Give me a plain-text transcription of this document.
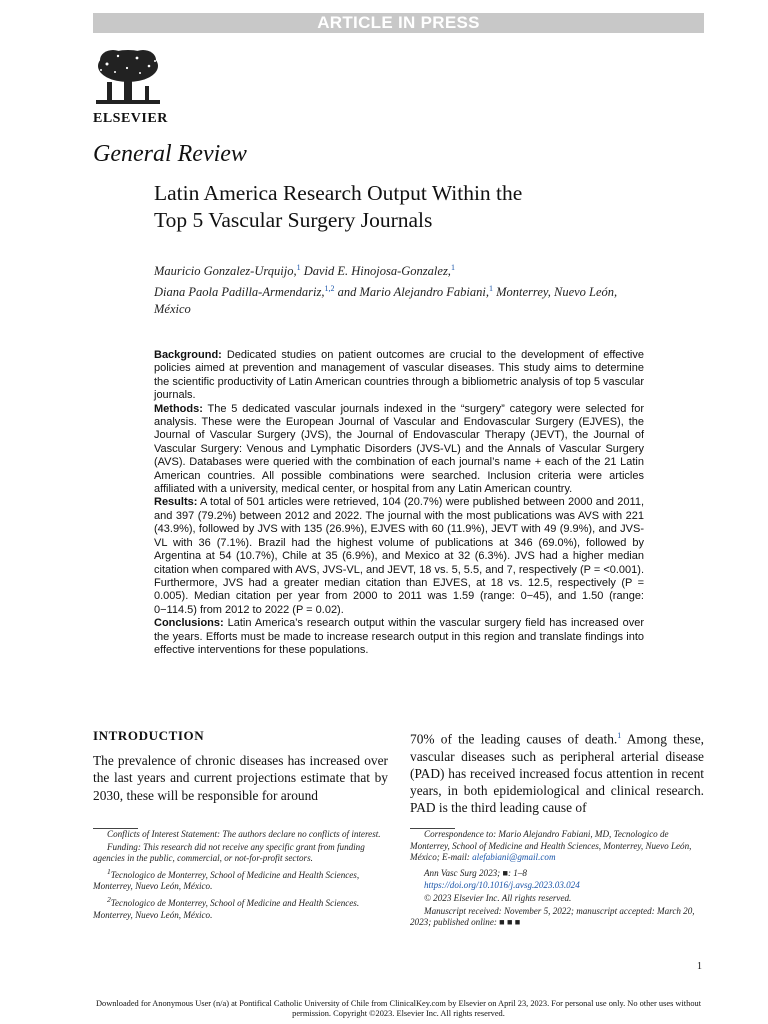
ARTICLE IN PRESS
ELSEVIER
General Review
Latin America Research Output Within the
Top 5 Vascular Surgery Journals
Mauricio Gonzalez-Urquijo,$^1$ David E. Hinojosa-Gonzalez,$^1$
Diana Paola Padilla-Armendariz,$^{1,2}$ and Mario Alejandro Fabiani,$^1$ Monterrey, Nuevo León,
México

Background: Dedicated studies on patient outcomes are crucial to the development of effective policies aimed at prevention and management of vascular diseases. This study aims to determine the scientific productivity of Latin American countries through a bibliometric analysis of top 5 vascular journals.

Methods: The 5 dedicated vascular journals indexed in the “surgery” category were selected for analysis. These were the European Journal of Vascular and Endovascular Surgery (EJVES), the Journal of Vascular Surgery (JVS), the Journal of Endovascular Therapy (JEVT), the Journal of Vascular Surgery: Venous and Lymphatic Disorders (JVS-VL) and the Annals of Vascular Surgery (AVS). Databases were queried with the combination of each journal’s name + each of the 21 Latin American countries. All possible combinations were searched. Inclusion criteria were articles affiliated with a university, medical center, or hospital from any Latin American country.

Results: A total of 501 articles were retrieved, 104 (20.7%) were published between 2000 and 2011, and 397 (79.2%) between 2012 and 2022. The journal with the most publications was AVS with 221 (43.9%), followed by JVS with 135 (26.9%), EJVES with 60 (11.9%), JEVT with 49 (9.9%), and JVS-VL with 36 (7.1%). Brazil had the highest volume of publications at 346 (69.0%), followed by Argentina at 54 (10.7%), Chile at 35 (6.9%), and Mexico at 32 (6.3%). JVS had a higher median citation when compared with AVS, JVS-VL, and JEVT, 18 vs. 5, 5.5, and 7, respectively (P = <0.001). Furthermore, JVS had a greater median citation than EJVES, at 18 vs. 12.5, respectively (P = 0.005). Median citation per year from 2000 to 2011 was 1.59 (range: 0−45), and 1.50 (range: 0−114.5) from 2012 to 2022 (P = 0.02).

Conclusions: Latin America’s research output within the vascular surgery field has increased over the years. Efforts must be made to increase research output in this region and translate findings into effective interventions for these populations.

INTRODUCTION

The prevalence of chronic diseases has increased over the last years and current projections estimate that by 2030, these will be responsible for around

70% of the leading causes of death.$^1$ Among these, vascular diseases such as peripheral arterial disease (PAD) has received increased focus attention in recent years, in both epidemiological and clinical research. PAD is the third leading cause of

Conflicts of Interest Statement: The authors declare no conflicts of interest.

Funding: This research did not receive any specific grant from funding agencies in the public, commercial, or not-for-profit sectors.

$^1$Tecnologico de Monterrey, School of Medicine and Health Sciences, Monterrey, Nuevo León, México.

$^2$Tecnologico de Monterrey, School of Medicine and Health Sciences. Monterrey, Nuevo León, México.

Correspondence to: Mario Alejandro Fabiani, MD, Tecnologico de Monterrey, School of Medicine and Health Sciences, Monterrey, Nuevo León, México; E-mail: alefabiani@gmail.com

Ann Vasc Surg 2023; ■: 1–8

https://doi.org/10.1016/j.avsg.2023.03.024

© 2023 Elsevier Inc. All rights reserved.

Manuscript received: November 5, 2022; manuscript accepted: March 20, 2023; published online: ■ ■ ■

1
Downloaded for Anonymous User (n/a) at Pontifical Catholic University of Chile from ClinicalKey.com by Elsevier on April 23, 2023. For personal use only. No other uses without permission. Copyright ©2023. Elsevier Inc. All rights reserved.
